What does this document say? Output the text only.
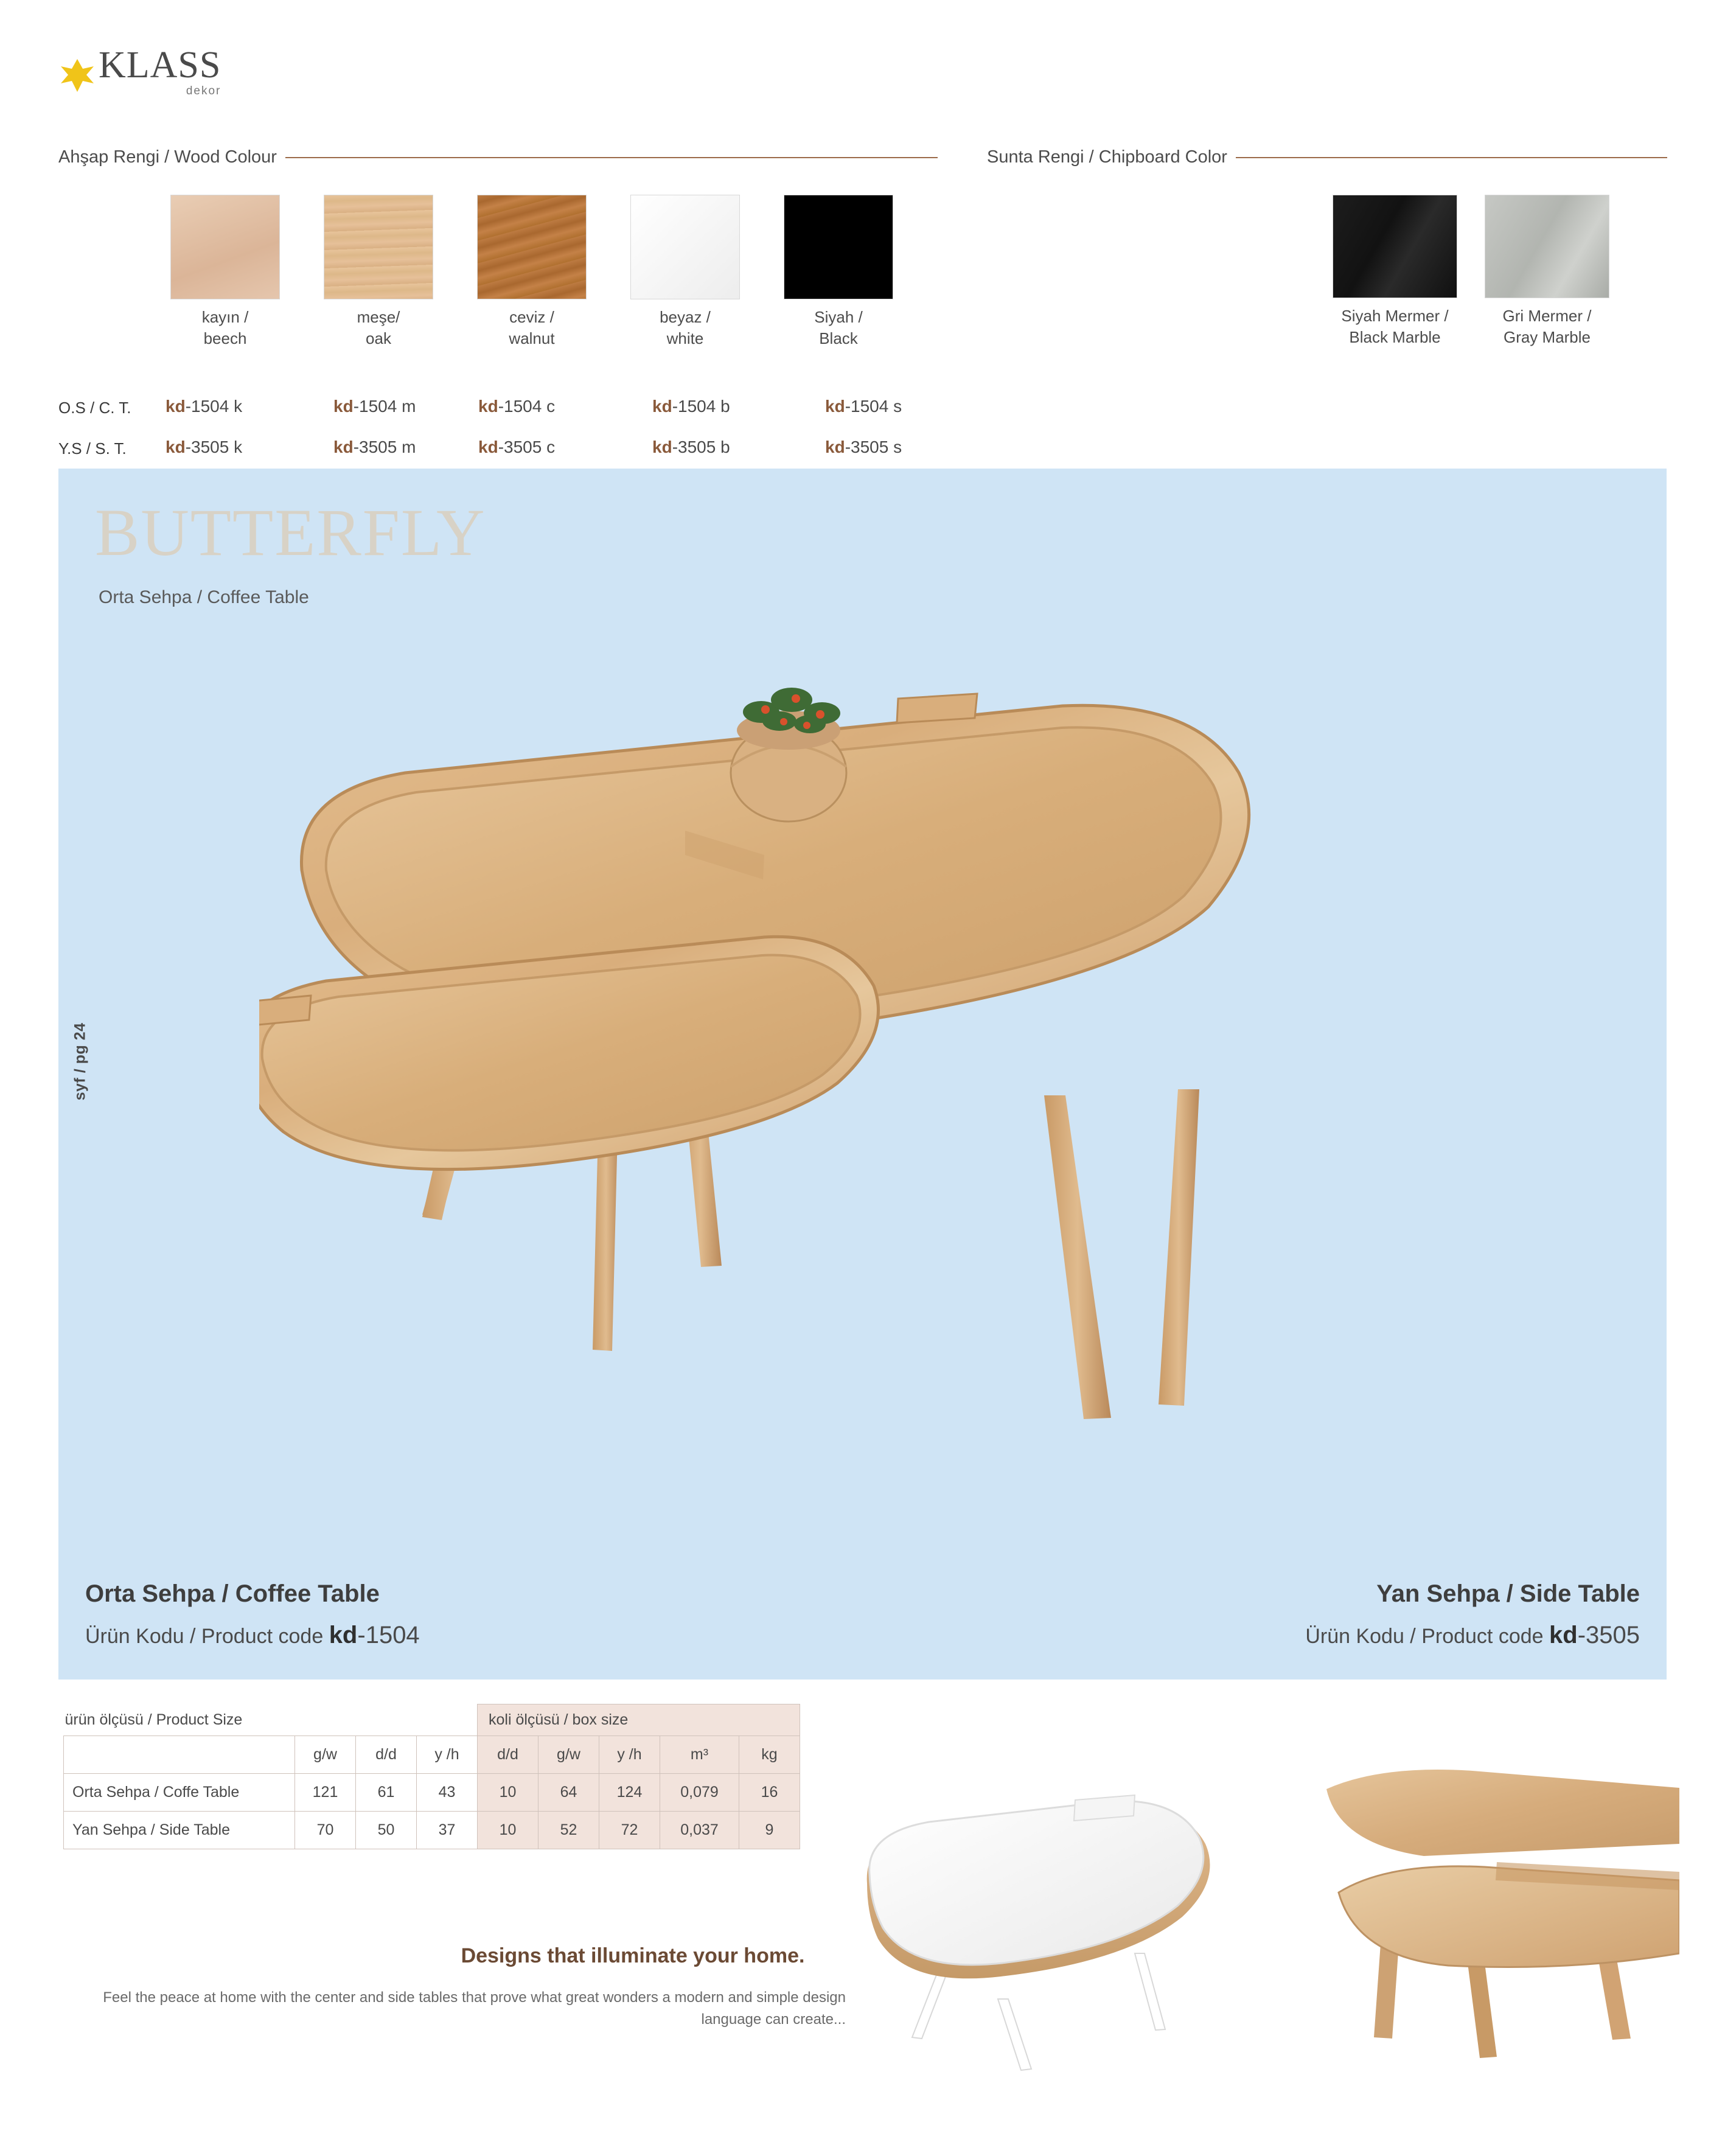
KLASS
dekor
Ahşap Rengi / Wood Colour	Sunta Rengi / Chipboard Color
kayın /
beech
meşe/
oak
ceviz /
walnut
beyaz /
white
Siyah /
Black
Siyah Mermer /
Black Marble
Gri Mermer /
Gray Marble
O.S / C. T.
Y.S / S. T.
kd-1504 k	kd-1504 m	kd-1504 c	kd-1504 b	kd-1504 s
kd-3505 k	kd-3505 m	kd-3505 c	kd-3505 b	kd-3505 s
BUTTERFLY
Orta Sehpa / Coffee Table
syf / pg 24
Orta Sehpa / Coffee Table
Ürün Kodu / Product code kd-1504
Yan Sehpa / Side Table
Ürün Kodu / Product code kd-3505
ürün ölçüsü / Product Size				koli ölçüsü / box size				
	g/w	d/d	y /h	d/d	g/w	y /h	m³	kg
Orta Sehpa / Coffe Table	121	61	43	10	64	124	0,079	16
Yan Sehpa / Side Table	70	50	37	10	52	72	0,037	9
Designs that illuminate your home.
Feel the peace at home with the center and side tables that prove what great wonders a modern and simple design language can create...
